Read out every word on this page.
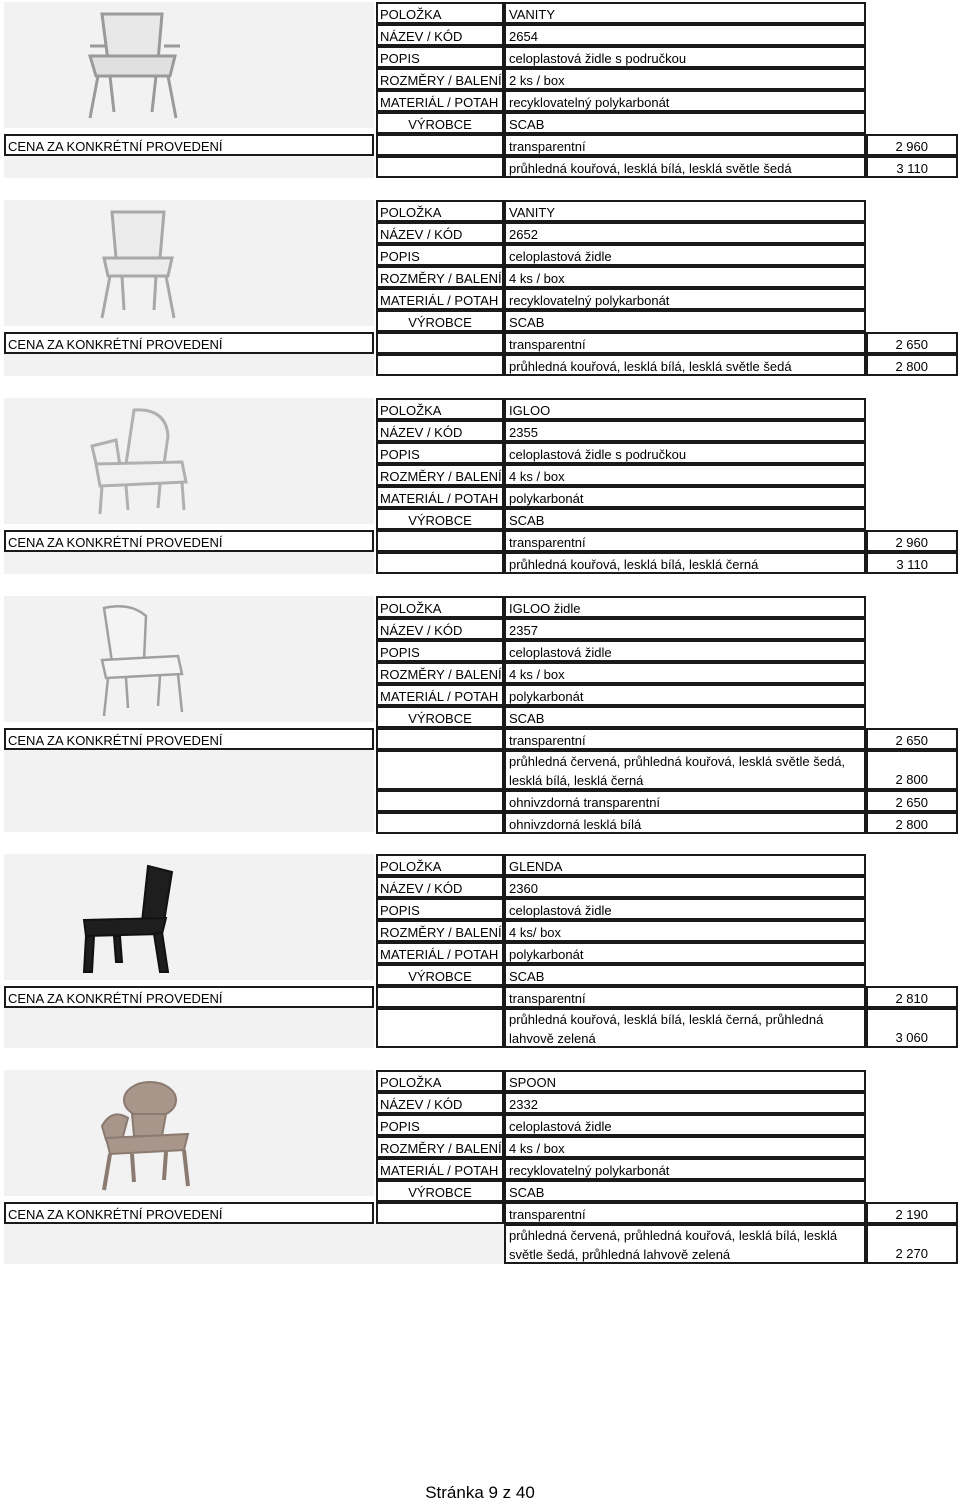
POLOŽKA	VANITY
NÁZEV / KÓD	2654
POPIS	celoplastová židle s područkou
ROZMĚRY / BALENÍ 2 ks / box
MATERIÁL / POTAH recyklovatelný polykarbonát
VÝROBCE	SCAB
CENA ZA KONKRÉTNÍ PROVEDENÍ	transparentní	2 960
průhledná kouřová, lesklá bílá, lesklá světle šedá	3 110
POLOŽKA	VANITY
NÁZEV / KÓD	2652
POPIS	celoplastová židle
ROZMĚRY / BALENÍ 4 ks / box
MATERIÁL / POTAH recyklovatelný polykarbonát
VÝROBCE	SCAB
CENA ZA KONKRÉTNÍ PROVEDENÍ	transparentní	2 650
průhledná kouřová, lesklá bílá, lesklá světle šedá	2 800
POLOŽKA	IGLOO
NÁZEV / KÓD	2355
POPIS	celoplastová židle s područkou
ROZMĚRY / BALENÍ 4 ks / box
MATERIÁL / POTAH polykarbonát
VÝROBCE	SCAB
CENA ZA KONKRÉTNÍ PROVEDENÍ	transparentní	2 960
průhledná kouřová, lesklá bílá, lesklá černá	3 110
POLOŽKA	IGLOO židle
NÁZEV / KÓD	2357
POPIS	celoplastová židle
ROZMĚRY / BALENÍ 4 ks / box
MATERIÁL / POTAH polykarbonát
VÝROBCE	SCAB
CENA ZA KONKRÉTNÍ PROVEDENÍ	transparentní	2 650
průhledná červená, průhledná kouřová, lesklá světle šedá, lesklá bílá, lesklá černá	2 800
ohnivzdorná transparentní	2 650
ohnivzdorná lesklá bílá	2 800
POLOŽKA	GLENDA
NÁZEV / KÓD	2360
POPIS	celoplastová židle
ROZMĚRY / BALENÍ 4 ks/ box
MATERIÁL / POTAH polykarbonát
VÝROBCE	SCAB
CENA ZA KONKRÉTNÍ PROVEDENÍ	transparentní	2 810
průhledná kouřová, lesklá bílá, lesklá černá, průhledná lahvově zelená	3 060
POLOŽKA	SPOON
NÁZEV / KÓD	2332
POPIS	celoplastová židle
ROZMĚRY / BALENÍ 4 ks / box
MATERIÁL / POTAH recyklovatelný polykarbonát
VÝROBCE	SCAB
CENA ZA KONKRÉTNÍ PROVEDENÍ	transparentní	2 190
průhledná červená, průhledná kouřová, lesklá bílá, lesklá světle šedá, průhledná lahvově zelená	2 270
Stránka 9 z 40
